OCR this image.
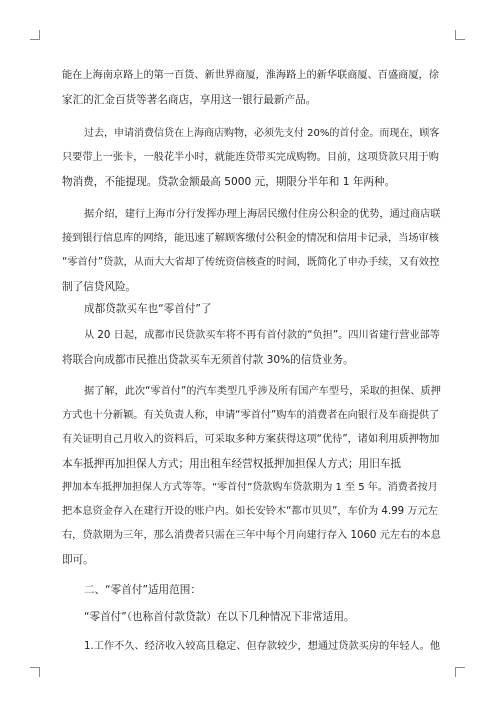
能在上海南京路上的第一百货、新世界商厦，淮海路上的新华联商厦、百盛商厦，徐
家汇的汇金百货等著名商店，享用这一银行最新产品。
过去，申请消费信贷在上海商店购物，必须先支付 20%的首付金。而现在，顾客
只要带上一张卡，一般花半小时，就能连贷带买完成购物。目前，这项贷款只用于购
物消费，不能提现。贷款金额最高 5000 元，期限分半年和 1 年两种。
据介绍，建行上海市分行发挥办理上海居民缴付住房公积金的优势，通过商店联
接到银行信息库的网络，能迅速了解顾客缴付公积金的情况和信用卡记录，当场审核
“零首付”贷款，从而大大省却了传统资信核查的时间，既简化了申办手续，又有效控
制了信贷风险。
成都贷款买车也“零首付”了
从 20 日起，成都市民贷款买车将不再有首付款的“负担”。四川省建行营业部等
将联合向成都市民推出贷款买车无须首付款 30%的信贷业务。
据了解，此次“零首付”的汽车类型几乎涉及所有国产车型号，采取的担保、质押
方式也十分新颖。有关负责人称，申请“零首付”购车的消费者在向银行及车商提供了
有关证明自己月收入的资料后，可采取多种方案获得这项“优待”，诸如利用质押物加
本车抵押再加担保人方式；用出租车经营权抵押加担保人方式；用旧车抵
押加本车抵押加担保人方式等等。“零首付”贷款购车贷款期为 1 至 5 年。消费者按月
把本息资金存入在建行开设的账户内。如长安铃木“都市贝贝”，车价为 4.99 万元左
右，贷款期为三年，那么消费者只需在三年中每个月向建行存入 1060 元左右的本息
即可。
二、“零首付”适用范围：
“零首付”（也称首付款贷款）在以下几种情况下非常适用。
1.工作不久、经济收入较高且稳定、但存款较少，想通过贷款买房的年轻人。他
